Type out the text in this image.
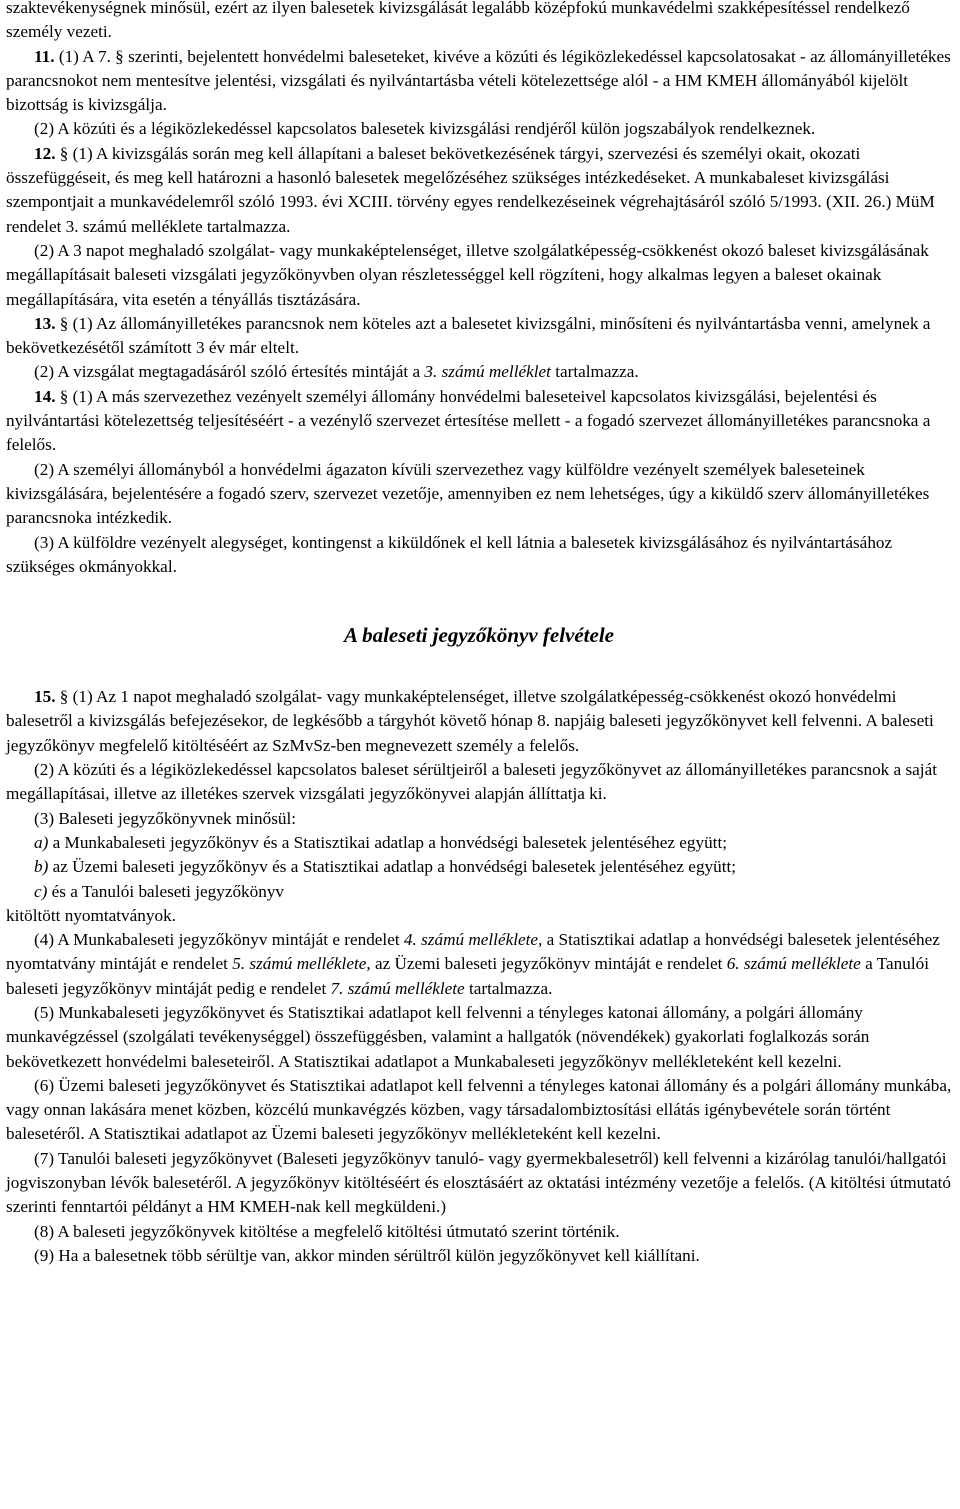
szaktevékenységnek minősül, ezért az ilyen balesetek kivizsgálását legalább középfokú munkavédelmi szakképesítéssel rendelkező személy vezeti.

11. (1) A 7. § szerinti, bejelentett honvédelmi baleseteket, kivéve a közúti és légiközlekedéssel kapcsolatosakat - az állományilletékes parancsnokot nem mentesítve jelentési, vizsgálati és nyilvántartásba vételi kötelezettsége alól - a HM KMEH állományából kijelölt bizottság is kivizsgálja.

(2) A közúti és a légiközlekedéssel kapcsolatos balesetek kivizsgálási rendjéről külön jogszabályok rendelkeznek.

12. § (1) A kivizsgálás során meg kell állapítani a baleset bekövetkezésének tárgyi, szervezési és személyi okait, okozati összefüggéseit, és meg kell határozni a hasonló balesetek megelőzéséhez szükséges intézkedéseket. A munkabaleset kivizsgálási szempontjait a munkavédelemről szóló 1993. évi XCIII. törvény egyes rendelkezéseinek végrehajtásáról szóló 5/1993. (XII. 26.) MüM rendelet 3. számú melléklete tartalmazza.

(2) A 3 napot meghaladó szolgálat- vagy munkaképtelenséget, illetve szolgálatképesség-csökkenést okozó baleset kivizsgálásának megállapításait baleseti vizsgálati jegyzőkönyvben olyan részletességgel kell rögzíteni, hogy alkalmas legyen a baleset okainak megállapítására, vita esetén a tényállás tisztázására.

13. § (1) Az állományilletékes parancsnok nem köteles azt a balesetet kivizsgálni, minősíteni és nyilvántartásba venni, amelynek a bekövetkezésétől számított 3 év már eltelt.

(2) A vizsgálat megtagadásáról szóló értesítés mintáját a 3. számú melléklet tartalmazza.

14. § (1) A más szervezethez vezényelt személyi állomány honvédelmi baleseteivel kapcsolatos kivizsgálási, bejelentési és nyilvántartási kötelezettség teljesítéséért - a vezénylő szervezet értesítése mellett - a fogadó szervezet állományilletékes parancsnoka a felelős.

(2) A személyi állományból a honvédelmi ágazaton kívüli szervezethez vagy külföldre vezényelt személyek baleseteinek kivizsgálására, bejelentésére a fogadó szerv, szervezet vezetője, amennyiben ez nem lehetséges, úgy a kiküldő szerv állományilletékes parancsnoka intézkedik.

(3) A külföldre vezényelt alegységet, kontingenst a kiküldőnek el kell látnia a balesetek kivizsgálásához és nyilvántartásához szükséges okmányokkal.

A baleseti jegyzőkönyv felvétele

15. § (1) Az 1 napot meghaladó szolgálat- vagy munkaképtelenséget, illetve szolgálatképesség-csökkenést okozó honvédelmi balesetről a kivizsgálás befejezésekor, de legkésőbb a tárgyhót követő hónap 8. napjáig baleseti jegyzőkönyvet kell felvenni. A baleseti jegyzőkönyv megfelelő kitöltéséért az SzMvSz-ben megnevezett személy a felelős.

(2) A közúti és a légiközlekedéssel kapcsolatos baleset sérültjeiről a baleseti jegyzőkönyvet az állományilletékes parancsnok a saját megállapításai, illetve az illetékes szervek vizsgálati jegyzőkönyvei alapján állíttatja ki.

(3) Baleseti jegyzőkönyvnek minősül:

a) a Munkabaleseti jegyzőkönyv és a Statisztikai adatlap a honvédségi balesetek jelentéséhez együtt;

b) az Üzemi baleseti jegyzőkönyv és a Statisztikai adatlap a honvédségi balesetek jelentéséhez együtt;

c) és a Tanulói baleseti jegyzőkönyv

kitöltött nyomtatványok.

(4) A Munkabaleseti jegyzőkönyv mintáját e rendelet 4. számú melléklete, a Statisztikai adatlap a honvédségi balesetek jelentéséhez nyomtatvány mintáját e rendelet 5. számú melléklete, az Üzemi baleseti jegyzőkönyv mintáját e rendelet 6. számú melléklete a Tanulói baleseti jegyzőkönyv mintáját pedig e rendelet 7. számú melléklete tartalmazza.

(5) Munkabaleseti jegyzőkönyvet és Statisztikai adatlapot kell felvenni a tényleges katonai állomány, a polgári állomány munkavégzéssel (szolgálati tevékenységgel) összefüggésben, valamint a hallgatók (növendékek) gyakorlati foglalkozás során bekövetkezett honvédelmi baleseteiről. A Statisztikai adatlapot a Munkabaleseti jegyzőkönyv mellékleteként kell kezelni.

(6) Üzemi baleseti jegyzőkönyvet és Statisztikai adatlapot kell felvenni a tényleges katonai állomány és a polgári állomány munkába, vagy onnan lakására menet közben, közcélú munkavégzés közben, vagy társadalombiztosítási ellátás igénybevétele során történt balesetéről. A Statisztikai adatlapot az Üzemi baleseti jegyzőkönyv mellékleteként kell kezelni.

(7) Tanulói baleseti jegyzőkönyvet (Baleseti jegyzőkönyv tanuló- vagy gyermekbalesetről) kell felvenni a kizárólag tanulói/hallgatói jogviszonyban lévők balesetéről. A jegyzőkönyv kitöltéséért és elosztásáért az oktatási intézmény vezetője a felelős. (A kitöltési útmutató szerinti fenntartói példányt a HM KMEH-nak kell megküldeni.)

(8) A baleseti jegyzőkönyvek kitöltése a megfelelő kitöltési útmutató szerint történik.

(9) Ha a balesetnek több sérültje van, akkor minden sérültről külön jegyzőkönyvet kell kiállítani.
